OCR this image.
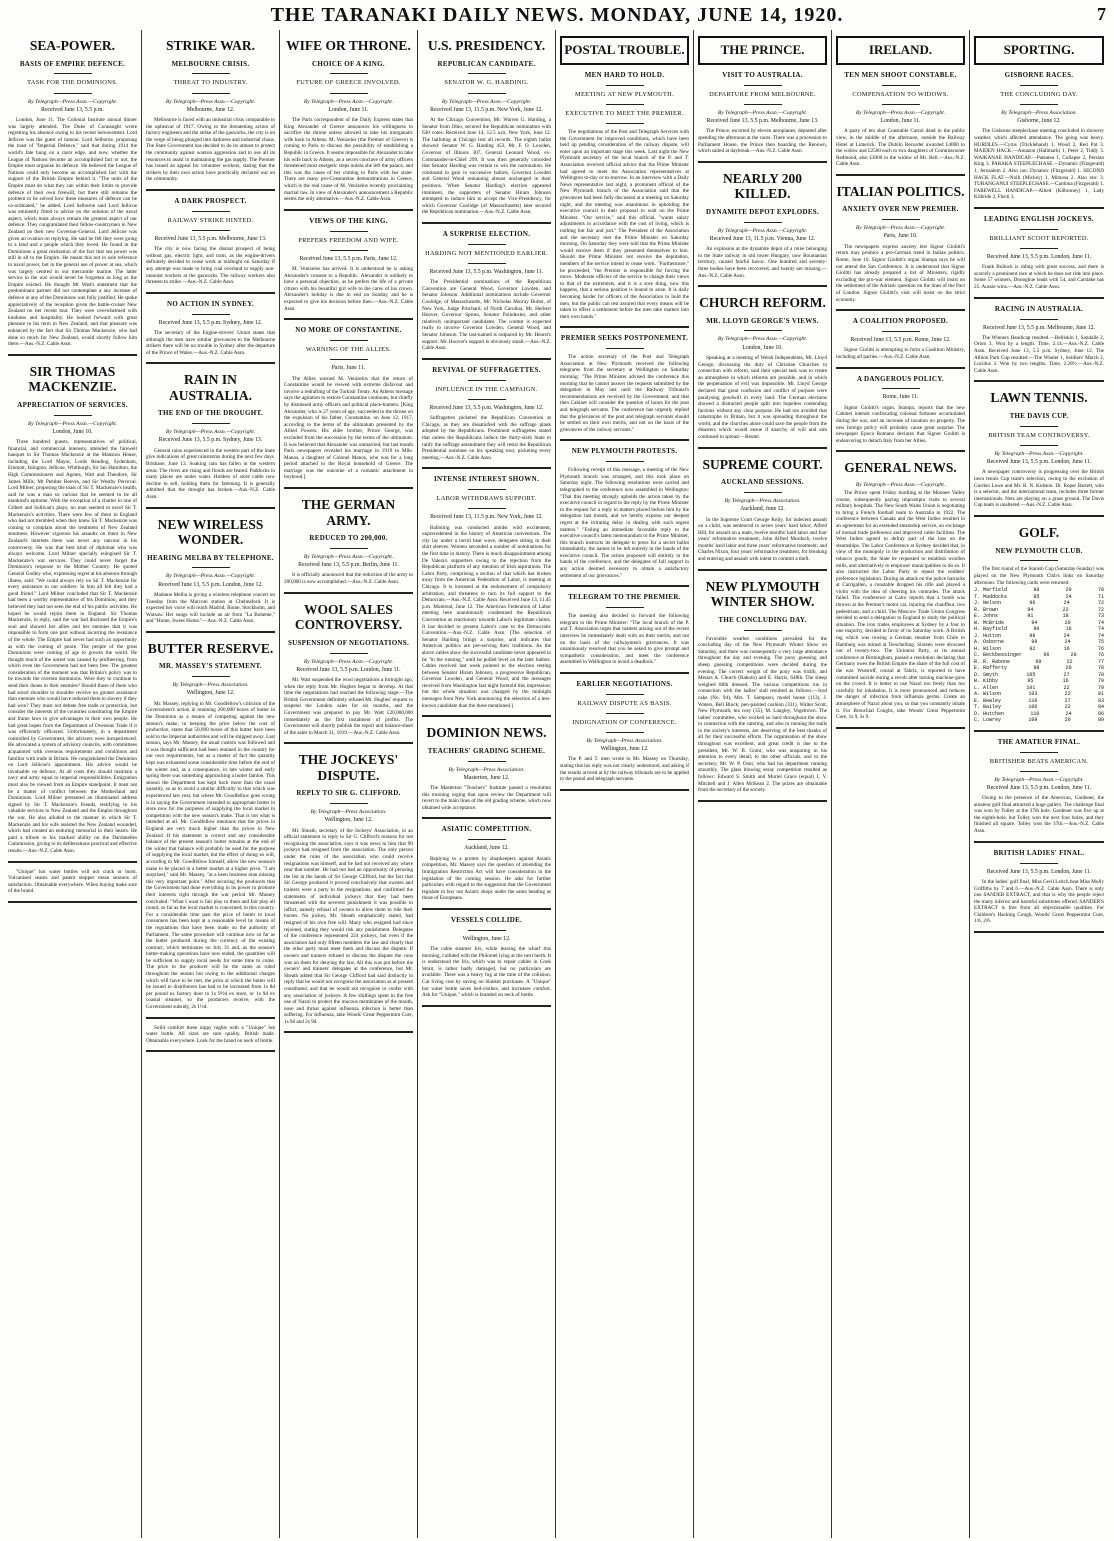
THE TARANAKI DAILY NEWS. MONDAY, JUNE 14, 1920.	7
SEA-POWER.
BASIS OF EMPIRE DEFENCE.
TASK FOR THE DOMINIONS.
By Telegraph—Press Assn.—Copyright.
Received June 13, 5.5 p.m.
London, June 11. The Colonial Institute annual dinner was largely attended. The Duke of Connaught wrote regretting his absence owing to his recent bereavement. Lord Jellicoe was the guest of honour. Lord Selborne, proposing the toast of "Imperial Defence," said that during 1914 the world's fate hung on a razor edge, and now, whether the League of Nations become an accomplished fact or not, the Empire must organise its defence. He believed the League of Nations could only become an accomplished fact with the support of the British Empire behind it. "The units of the Empire must do what they can within their limits to provide defence of their own freewill, but there still remains the problem to be solved how these measures of defence can be co-ordinated," he added. Lord Selborne said Lord Jellicoe was eminently fitted to advise on the solution of the naval aspect, which must always remain the greatest aspect of our defence. They congratulated their fellow-countrymen in New Zealand on their new Governor-General. Lord Jellicoe was given an ovation on replying. He said he felt they were going to a land and a people which they loved. He found in the Dominions a great realisation of the fact that sea power was still in all to the Empire. He meant this not in sole reference to naval power, but in the general use of power at sea, which was largely centred in our mercantile marine. The latter service in the war would never be forgotten as long as the Empire existed. He thought Mr Watt's statement that the predominant partner did not contemplate a any increase of defence in any of the Dominions was fully justified. He spoke appreciatively of the reception given the battle-cruiser New Zealand on her recent tour. They were overwhelmed with kindness and hospitality. He looked forward with great pleasure to his term in New Zealand, and that pleasure was enhanced by the fact that Sir Thomas Mackenzie, who had done so much for New Zealand, would shortly follow him there.—Aus.-N.Z. Cable Assn.
SIR THOMAS MACKENZIE.
APPRECIATION OF SERVICES.
By Telegraph—Press Assn.—Copyright.
London, June 10.
Three hundred guests, representatives of political, financial, and commercial interests, attended the farewell banquet to Sir Thomas Mackenzie at the Mansion House, including the Lord Mayor, Lords Reading, Sydenham, Emmott, Islington, Jellicoe, Whitburgh, Sir Ian Hamilton, the High Commissioners and Agents, Watt and Theodore, Sir James Mills, Mr Pember Reeves, and Sir Westby Perceval. Lord Milner, proposing the toast of Sir T. Mackenzie's health, said he was a man so various that he seemed to be all mankind's epitome. With the exception of a charter in one of Gilbert and Sullivan's plays, no man seemed to excel Sir T. Mackenzie's activities. There were few of them in England who had not trembled when they knew Sir T. Mackenzie was coming to complain about the treatment of New Zealand stoutness. However vigorous his assaults on them in New Zealand's interests there was never any rancour in his controversy. He was that best kind of diplomat who was always welcome. Lord Milner specially eulogised Sir T. Mackenzie's war services. They could never forget the Dominion's response to the Mother Country. He quoted General Godley who, expressing regret at his absence through illness, said: "We could always rely on Sir T. Mackenzie for every assistance to our soldiers. In him all felt they had a good friend." Lord Milner concluded that Sir T. Mackenzie had been a worthy representative of his Dominion, and they believed they had not seen the end of his public activities. He hoped he would rejoin them in England. Sir Thomas Mackenzie, in reply, said the war had disclosed the Empire's soul and showed her allies and her enemies that it was impossible to form one part without incurring the resistance of the whole. The Empire had never had such an opportunity as with the coming of peace. The people of the great Dominions were coming of age to govern the world. He thought much of the unrest was caused by profiteering, from which even the Government had not been free. The greatest consideration of the moment was that Britain's policy was to be towards the oversea dominions. Were they to continue to send their dones to their enemies? Should those of them who had stood shoulder to shoulder receive no greater assistance than enemies who would have reduced them to slavery if they had won? They must not debate free trade or protection, but consider the interests of the countries constituting the Empire and frame laws to give advantages to their own people. He had great hopes from the Department of Overseas Trade if it was efficiently officered. Unfortunately, in a department controlled by Government, the advisers were inexperienced. He advocated a system of advisory councils, with committees acquainted with overseas requirements and conditions and familiar with trade in Britain. He congratulated the Dominion on Lord Jellicoe's appointment. His advice would be invaluable on defence. At all costs they should maintain a navy and army equal to imperial responsibilities. Emigration must also be viewed from an Empire standpoint. It must not be a matter of conflict between the Motherland and Dominions. Lord Milner presented an illuminated address signed by Sir T. Mackenzie's friends, testifying to his valuable services to New Zealand and the Empire throughout the war. He also alluded to the manner in which Sir T. Mackenzie and his wife assisted the New Zealand wounded, which had created an enduring memorial in their hearts. He paid a tribute to his marked ability on the Dardanelles Commission, giving to its deliberations practical and effective results.—Aus.-N.Z. Cable Assn.
"Unique" hot water bottles will not crack or burst. Vulcanised seams and patent stopper mean seasons of satisfaction. Obtainable everywhere. When buying make sure of the brand.
STRIKE WAR.
MELBOURNE CRISIS.
THREAT TO INDUSTRY.
By Telegraph—Press Assn.—Copyright.
Melbourne, June 12.
Melbourne is faced with an industrial crisis comparable to the upheaval of 1917. Owing to the threatening action of factory engineers and the strike of the gasworks, the city is on the verge of being plunged into darkness and industrial chaos. The State Government has decided to do its utmost to protect the community against wanton aggression and to use all its resources to assist in maintaining the gas supply. The Premier has issued an appeal for volunteer workers, stating that the strikers by their own action have practically declared war on the community.
A DARK PROSPECT.
RAILWAY STRIKE HINTED.
Received June 13, 5.5 p.m. Melbourne, June 13.
The city is now facing the dismal prospect of being without gas, electric light, and tram, as the engine-drivers definitely decided to cease work at midnight on Saturday if any attempt was made to bring coal overland to supply non-unionist workers at the gasworks. The railway workers also threaten to strike.—Aus.-N.Z. Cable Assn.
NO ACTION IN SYDNEY.
Received June 13, 5.5 p.m. Sydney, June 12.
The secretary of the Engine-drivers' Union states that although the men have similar grievances to the Melbourne strikers there will be no trouble in Sydney after the departure of the Prince of Wales.—Aus.-N.Z. Cable Assn.
RAIN IN AUSTRALIA.
THE END OF THE DROUGHT.
By Telegraph—Press Assn.—Copyright.
Received June 13, 5.5 p.m. Sydney, June 13.
General rains experienced in the western part of the State give indications of great rainstorms during the next few days. Brisbane, June 13. Soaking rain has fallen in the western areas. The rivers are rising and floods are feared. Paddocks in many places are under water. Holders of store cattle now decline to sell, holding them for fattening. It is generally admitted that the drought has broken.—Aus.-N.Z. Cable Assn.
NEW WIRELESS WONDER.
HEARING MELBA BY TELEPHONE.
By Telegraph—Press Assn.—Copyright.
Received June 13, 5.5 p.m. London, June 12.
Madame Melba is giving a wireless telephone concert on Tuesday from the Marconi station at Chelmsford. It is expected her voice will reach Madrid, Rome, Stockholm, and Warsaw. Her songs will include an air from "La Boheme," and "Home, Sweet Home."—Aus.-N.Z. Cable Assn.
BUTTER RESERVE.
MR. MASSEY'S STATEMENT.
By Telegraph—Press Association.
Wellington, June 12.
Mr. Massey, replying to Mr. Goodfellow's criticism of the Government's action in retaining 200,000 boxes of butter in the Dominion as a means of competing against the new season's make, in keeping the price below the cost of production, states that 50,000 boxes of this butter have been sold to the Imperial authorities and will be shipped away. Last season, says Mr. Massey, the usual custom was followed and it was thought sufficient had been retained in the country for our own requirements, but as a matter of fact the quantity kept was exhausted some considerable time before the end of the winter and, as a consequence, in late winter and early spring there was something approaching a butter famine. This season the Department has kept back more than the usual quantity, so as to avoid a similar difficulty to that which was experienced last year, but where Mr. Goodfellow goes wrong is in saying the Government intended to appropriate butter in store now for the purposes of supplying the local market in competition with the new season's make. That is not what is intended at all. Mr. Goodfellow mentions that the prices in England are very much higher than the prices in New Zealand. If his statement is correct and any considerable balance of the present season's butter remains at the end of the winter that balance will probably be used for the purpose of supplying the local market, but the effect of doing so will, according to Mr. Goodfellow himself, allow the new season's make to be placed in a better market at a higher price. "I am surprised," said Mr. Massey, "at a keen business man missing this very important point." After securing the producers that the Government had done everything in its power to promote their interests right through the war period Mr. Massey concluded: "What I want is fair play to them and fair play all round, so far as the local market is concerned, in this country. For a considerable time past the price of butter to local consumers has been kept at a reasonable level by means of the regulations that have been made on the authority of Parliament. The same procedure will continue now so far as the butter produced during the currency of the existing contract, which terminates on July 31 and, as the season's butter-making operations have now ended, the quantities will be sufficient to supply local needs for some time to come. The price to the producer will be the same as ruled throughout the season but owing to the additional charges which will have to be met, the price at which the butter will be issued to distributors has had to be increased from 1s 8d per pound ex factory door to 1s 9½d ex store, or 1s 9d ex coastal steamer, so the producers receive, with the Government subsidy, 2s 1½d.
Solid comfort these nippy nights with a "Unique" hot water bottle. All sizes are sure quality. British made. Obtainable everywhere. Look for the brand on neck of bottle.
WIFE OR THRONE.
CHOICE OF A KING.
FUTURE OF GREECE INVOLVED.
By Telegraph—Press Assn.—Copyright.
London, June 11.
The Paris correspondent of the Daily Express states that King Alexander of Greece announces his willingness to sacrifice the throne unless allowed to take his morganatic wife back to Athens. M. Venizelos (the Premier of Greece) is coming to Paris to discuss the possibility of establishing a Republic in Greece. It seems impossible for Alexander to take his wife back to Athens, as a secret conclave of army officers threatened most energetic steps unless she left the palace, and this was the cause of her coming to Paris with her sister. There are many pro-Constantine demonstrations in Greece, which is the real cause of M. Venizelos recently proclaiming martial law. In view of Alexander's announcement a Republic seems the only alternative.—Aus.-N.Z. Cable Assn.
VIEWS OF THE KING.
PREFERS FREEDOM AND WIFE.
Received June 13, 5.5 p.m. Paris, June 12.
M. Venizelos has arrived. It is understood he is asking Alexander's consent to a Republic. Alexander is unlikely to have a personal objection, as he prefers the life of a private citizen with his beautiful girl wife to the cares of his crown. Alexander's holiday is due to end on Sunday, and he is expected to give his decision before then.—Aus.-N.Z. Cable Assn.
NO MORE OF CONSTANTINE.
WARNING OF THE ALLIES.
Paris, June 11.
The Allies warned M. Venizelos that the return of Constantine would be viewed with extreme disfavour and involve a redrafting of the Turkish Treaty. An Athens message says the agitation to restore Constantine continues, but chiefly by dismissed army officers and political place-hunters. [King Alexander, who is 27 years of age, succeeded to the throne on the expulsion of his father, Constantine, on June 12, 1917, according to the terms of the ultimatum presented by the Allied Powers. His elder brother, Prince George, was excluded from the succession by the terms of the ultimatum. It was believed that Alexander was unmarried, but last month Paris newspapers revealed his marriage in 1919 to Mlle. Manos, a daughter of Colonel Manos, who was for a long period attached to the Royal household of Greece. The marriage was the outcome of a romantic attachment in boyhood.]
THE GERMAN ARMY.
REDUCED TO 200,000.
By Telegraph—Press Assn.—Copyright.
Received June 13, 5.5 p.m. Berlin, June 11.
It is officially announced that the reduction of the army to 200,000 is now accomplished.—Aus.-N.Z. Cable Assn.
WOOL SALES CONTROVERSY.
SUSPENSION OF NEGOTIATIONS.
By Telegraph—Press Assn.—Copyright.
Received June 13, 5.5 p.m. London, June 11.
Mr. Watt suspended the wool negotiations a fortnight ago, when the reply from Mr. Hughes began to develop. At that time the negotiations had reached the following stage:—The British Government definitely refused Mr. Hughes' request to suspend the London sales for six months, and the Government was prepared to pay Mr. Watt £20,000,000 immediately as the first instalment of profits. The Government will shortly publish the report and balance-sheet of the sales to March 31, 1919.—Aus.-N.Z. Cable Assn.
THE JOCKEYS' DISPUTE.
REPLY TO SIR G. CLIFFORD.
By Telegraph—Press Association.
Wellington, June 12.
Mr. Sheath, secretary of the Jockeys' Association, in an official statement in reply to Sir G. Clifford's reasons for not recognising the association, says it was news to him that 90 jockeys had resigned from the association. The only person under the rules of the association who could receive resignations was himself, and he had not received any where near that number. He had not had an opportunity of perusing the list in the hands of Sir George Clifford, but the fact that Sir George produced it proved conclusively that owners and trainers were a party to the resignations, and confirmed the statements of individual jockeys that they had been threatened with the severest punishment it was possible to inflict, namely refusal of owners to allow them to ride their horses. No jockey, Mr. Sheath emphatically stated, had resigned of his own free will. Many who resigned had since rejoined, stating they would risk any punishment. Delegates of the conference represented 224 jockeys, but even if the association had only fifteen members the law and clearly that the other party must meet them and discuss the dispute. If owners and trainers refused to discuss the dispute the cons was on them for denying the law. All this was put before the owners' and trainers' delegates at the conference, but Mr. Sheath added that Sir George Clifford had said distinctly in reply that he would not recognise the association as at present constituted, and that he would not recognise or confer with any association of jockeys. A few shillings spent in the free use of Nazol to protect the mucous membranes of the mouth, nose and throat against influenza infection is better than suffering. For Influenza, take Woods' Great Peppermint Cure, 1s 9d and 2s 9d.
U.S. PRESIDENCY.
REPUBLICAN CANDIDATE.
SENATOR W. G. HARDING.
By Telegraph—Press Assn.—Copyright.
Received June 13, 11.5 p.m. New York, June 12.
At the Chicago Convention, Mr. Warren G. Harding, a Senator from Ohio, secured the Republican nomination with 630 votes. Received June 14, 12.5 a.m. New York, June 12. The balloting at Chicago lost all records. The eighth ballot showed: Senator W. G. Harding 453, Mr. F. O. Lowden, Governor of Illinois 307, General Leonard Wood, ex-Commander-in-Chief 299. It was then generally conceded that Senator Harding was certain to win the nomination. He continued to gain in successive ballots, Governor Lowden and General Wood remaining almost unchanged in their positions. When Senator Harding's election appeared imminent, the supporters of Senator Hiram Johnson attempted to induce him to accept the Vice-Presidency, for which Governor Coolidge (of Massachusetts) later secured the Republican nomination.—Aus.-N.Z. Cable Assn.
A SURPRISE ELECTION.
HARDING NOT MENTIONED EARLIER.
Received June 13, 5.5 p.m. Washington, June 11.
The Presidential nominations of the Republican Convention are General Wood, Governor Lowden, and Senator Johnson. Additional nominations include Governor Coolidge, of Massachusetts, Mr. Nicholas Murray Butler, of New York, Judge Pritchard, of North Carolina, Mr. Herbert Hoover, Governor Sprout, Senator Poindexter, and other relatively unimportant candidates. The contest is expected really to involve Governor Lowden, General Wood, and Senator Johnson. The last-named is outpaced by Mr. Hearst's support. Mr. Hoover's support is obviously small.—Aus.-N.Z. Cable Assn.
REVIVAL OF SUFFRAGETTES.
INFLUENCE IN THE CAMPAIGN.
Received June 13, 5.5 p.m. Washington, June 12.
Suffragettes picketed the Republican Convention at Chicago, as they are dissatisfied with the suffrage plank adopted by the Republicans. Prominent suffragettes stated that unless the Republicans induce the thirty-sixth State to ratify the suffrage amendment they will resist the Republican Presidential nominee on his speaking tour, picketing every meeting.—Aus.-N.Z. Cable Assn.
INTENSE INTEREST SHOWN.
LABOR WITHDRAWS SUPPORT.
Received June 13, 11.5 p.m. New York, June 12.
Balloting was conducted amidst wild excitement, unprecedented in the history of American conventions. The city lay under a torrid heat wave, delegates sitting in their shirt sleeves. Women seconded a number of nominations for the first time in history. There is much disappointment among De Valera's supporters owing to the rejection from the Republican platform of any mention of Irish aspirations. The Labor Party, comprising a section of that which has broken away from the American Federation of Labor, is meeting at Chicago. It is incensed at the endorsement of compulsory arbitration, and threatens to turn its full support to the Democrats.—Aus.-N.Z. Cable Assn. Received June 13, 11.45 p.m. Montreal, June 12. The American Federation of Labor meeting here unanimously condemned the Republican Convention as reactionary towards Labor's legitimate claims. It has decided to present Labor's case to the Democratic Convention.—Aus.-N.Z. Cable Assn. [The selection of Senator Harding brings a surprise, and indicates that American politics are pre-serving their traditions. As the above cables show the successful candidate never appeared to be "in the running," until he pulled level on the later ballots. Cables received last week pointed to the election resting between Senator Hiram Johnson, a progressive Republican, Governor Lowden, and General Wood, and the messages received from Washington last night foretold this impression; but the whole situation was changed by the midnight messages from New York announcing the selection of a less-known candidate than the three mentioned.]
DOMINION NEWS.
TEACHERS' GRADING SCHEME.
By Telegraph—Press Association.
Masterton, June 12.
The Masterton "Teachers" Institute passed a resolution this morning urging that upon review the Department will revert to the main lines of the old grading scheme, which now obtained wide acceptance.
ASIATIC COMPETITION.
Auckland, June 12.
Replying to a protest by shopkeepers against Asiatic competition, Mr. Massey says the question of amending the Immigration Restriction Act will have consideration in the legislation of the coming session. He asks for further particulars with regard to the suggestion that the Government legislate to buy out Asiatic shops under the same heading as those of Europeans.
VESSELS COLLIDE.
Wellington, June 12.
The cable steamer Iris, while leaving the wharf this morning, collided with the Philomel lying at the next berth. It is understood the Iris, which was to repair cables in Cook Strait, is rather badly damaged, but no particulars are available. There was a heavy fog at the time of the collision. Cut living cost by saving on blanket purchases. A "Unique" hot water bottle saves bed-clothes, and increases comfort. Ask for "Unique," which is branded on neck of bottle.
POSTAL TROUBLE.
MEN HARD TO HOLD.
MEETING AT NEW PLYMOUTH.
EXECUTIVE TO MEET THE PREMIER.
The negotiations of the Post and Telegraph Services with the Government for improved conditions, which have been held up pending consideration of the railway dispute, will enter upon an important stage this week. Last night the New Plymouth secretary of the local branch of the P. and T. Association received official advice that the Prime Minister had agreed to meet the Association representatives at Wellington to-day or to-morrow. In an interview with a Daily News representative last night, a prominent official of the New Plymouth branch of the Association said that the grievances had been fully discussed at a meeting on Saturday night, and the meeting was unanimous in upholding the executive council in their proposal to wait on the Prime Minister. "Our service," said this official, "wants salary adjustments in accordance with the cost of living, which is nothing but fair and just." The President of the Association and the secretary met the Prime Minister on Saturday morning. On Saturday they were told that the Prime Minister would receive them if they presented themselves to him. Should the Prime Minister not receive the deputation, members of the service intend to cease work. "Furthermore," he proceeded, "the Premier is responsible for forcing the move. Moderate officers of the service to change their views to that of the extremists, and it is a sore thing, now this happens, that a serious position is bound to arise. It is daily becoming harder for officers of the Association to hold the men, but the public can rest assured that every means will be taken to effect a settlement before the men take matters into their own hands."
PREMIER SEEKS POSTPONEMENT.
The action secretary of the Post and Telegraph Association at New Plymouth received the following telegrams from the secretary at Wellington on Saturday morning: "The Prime Minister advised the conference this morning that he cannot answer the requests submitted by the delegation in May last until the Railway Tribunal's recommendations are received by the Government, and that then Cabinet will consider the question of hours for the post and telegraph servants. The conference has urgently replied that the grievances of the post and telegraph servants should be settled on their own merits, and not on the basis of the grievances of the railway servants."
NEW PLYMOUTH PROTESTS.
Following receipt of this message, a meeting of the New Plymouth branch was arranged, and this took place on Saturday night. The following resolutions were carried and telegraphed to the conference now assembled in Wellington: "That this meeting strongly upholds the action taken by the executive council in regard to the reply by the Prime Minister to the request for a reply to matters placed before him by the delegation last month, and we hereby express our deepest regret at the irritating delay in dealing with such urgent matters." "Failing an immediate favorable reply to the executive council's latest memorandum to the Prime Minister, this branch instructs its delegate to press for a secret ballot immediately, the names to be left entirely in the hands of the executive council. The action proposed will entirely in the hands of the conference, and the delegates of full support in any action deemed necessary to obtain a satisfactory settlement of our grievances."
TELEGRAM TO THE PREMIER.
The meeting also decided to forward the following telegram to the Prime Minister: "The local branch of the P. and T. Association urges that matters arising out of the recent interview be immediately dealt with on their merits, and not on the basis of the railwaymen's grievances. It was unanimously resolved that you be asked to give prompt and sympathetic consideration, and meet the conference assembled in Wellington to avoid a deadlock."
EARLIER NEGOTIATIONS.
RAILWAY DISPUTE AS BASIS.
INDIGNATION OF CONFERENCE.
By Telegraph—Press Association.
Wellington, June 12.
The P. and T. men wrote to Mr. Massey on Thursday, stating that his reply was not clearly understood, and asking if the results arrived at by the railway tribunals are to be applied to the postal and telegraph servants.
THE PRINCE.
VISIT TO AUSTRALIA.
DEPARTURE FROM MELBOURNE.
By Telegraph—Press Assn.—Copyright.
Received June 13, 5.5 p.m. Melbourne, June 13.
The Prince, escorted by eleven aeroplanes, departed after spending the afternoon at the races. There was a procession to Parliament House, the Prince then boarding the Renown, which sailed at daybreak.—Aus.-N.Z. Cable Assn.
NEARLY 200 KILLED.
DYNAMITE DEPOT EXPLODES.
By Telegraph—Press Assn.—Copyright.
Received June 13, 11.5 p.m. Vienna, June 12.
An explosion at the dynamite depot of a mine belonging to the State railway in old lower Hungary, now Roumanian territory, caused fearful havoc. One hundred and seventy-three bodies have been recovered, and twenty are missing.—Aus.-N.Z. Cable Assn.
CHURCH REFORM.
MR. LLOYD GEORGE'S VIEWS.
By Telegraph—Press Assn.—Copyright.
London, June 10.
Speaking at a meeting of Welsh Independents, Mr. Lloyd George, discussing the duty of Christian Churches in connection with reform, said their special task was to create an atmosphere in which reforms are possible, and in which the perpetuation of evil was impossible. Mr. Lloyd George declared that great confusion and conflict of purpose were paralysing goodwill in every land. The German elections showed a distracted people split into hopeless contending factions without any clear purpose. He had not avoided that catastrophe in Britain, but it was spreading throughout the world, and the churches alone could save the people from the disasters which would ensue if anarchy of will and aim continued to spread.—Reuter.
SUPREME COURT.
AUCKLAND SESSIONS.
By Telegraph—Press Association.
Auckland, June 12.
In the Supreme Court George Kelly, for indecent assault on a child, was sentenced to seven years' hard labor; Alfred Hill, for assault on a male, twelve months' hard labor and four years' reformative treatment; John Alfred Murdoch, twelve months' hard labor and three years' reformative treatment; and Charles Nixon, four years' reformative treatment, for breaking and entering and assault with intent to commit a theft.
NEW PLYMOUTH WINTER SHOW.
THE CONCLUDING DAY.
Favorable weather conditions prevailed for the concluding day of the New Plymouth Winter Show on Saturday, and there was consequently a very large attendance throughout the day and evening. The pony guessing and sheep guessing competitions were decided during the evening. The correct weight of the pony was 644lb, and Messrs A. Church (Rahotu) and E. Harris, 648lb. The sheep weighed 80lb dressed. The various competitions run in connection with the ladies' stall resulted as follows:—Iced cake (No. 94), Mrs. T. Sampson; model house (113), J. Waters, Bell Block; pen-painted cushion (331), Walter Scott, New Plymouth; tea cosy (35), M. Langley, Vogeltown. The ladies' committee, who worked so hard throughout the show in connection with the catering, and also in running the stalls in the society's interests, are deserving of the best thanks of all for their successful efforts. The organisation of the show throughout was excellent, and great credit is due to the president, Mr. W. B. Grant, who was unsparing in his attention to every detail; to the other officials, and to the secretary, Mr. W. P. Oxer, who had his department running smoothly. The glass blowing essay competition resulted as follows: Edward S. Smith and Muriel Grace (equal) 1, V. Mitchell and J. Allen McKean 2. The prizes are obtainable from the secretary of the society.
IRELAND.
TEN MEN SHOOT CONSTABLE.
COMPENSATION TO WIDOWS.
By Telegraph—Press Assn.—Copyright.
London, June 11.
A party of ten shot Constable Carrol dead in the public view, in the middle of the afternoon, outside the Railway Hotel at Limerick. The Dublin Recorder awarded £4000 to the widow and £2500 each to two daughters of Commissioner Redmond, also £3000 to the widow of Mr. Bell.—Aus.-N.Z. Cable Assn.
ITALIAN POLITICS.
ANXIETY OVER NEW PREMIER.
By Telegraph—Press Assn.—Copyright.
Paris, June 10.
The newspapers express anxiety lest Signor Giolitti's return may produce a pro-German trend in Italian politics. Rome, June 10. Signor Giolitti's organ Stampa says he will not attend the San Conference. It is understood that Signor Giolitti has already prepared a list of Ministers, rigidly excluding the pro-war element. Signor Giolitti will insist on the settlement of the Adriatic question on the lines of the Pact of London. Signor Giolitti's visit will insist on the strict economy.
A COALITION PROPOSED.
Received June 13, 5.5 p.m. Rome, June 12.
Signor Giolitti is attempting to form a Coalition Ministry, including all parties.—Aus.-N.Z. Cable Assn.
A DANGEROUS POLICY.
Rome, June 11.
Signor Giolitti's organ, Stampa, reports that the new Cabinet intends confiscating colossal fortunes accumulated during the war, and an increase of taxation on property. The new foreign policy will probably cause great surprise. The newspaper Epoca Romano declares that Signor Giolitti is endeavoring to detach Italy from her Allies.
GENERAL NEWS.
By Telegraph—Press Assn.—Copyright.
The Prince spent Friday hurdling at the Moonee Valley course, subsequently paying impromptu visits to several military hospitals. The New South Wales Union is negotiating to bring a French football team to Australia in 1922. The conference between Canada and the West Indies resulted in an agreement for an extended steamship service, an exchange of mutual trade preference and improved cable facilities. The West Indies agreed to defray part of the loss on the steamships. The Labor Conference at Sydney decided that, in view of the monopoly in the production and distribution of tobacco goods, the State be requested to establish woollen mills, and alternatively to empower municipalities to do so. It also instructed the Labor Party to repeal the soldiers' preference legislation. During an attack on the police barracks at Carrigallen, a constable dropped his rifle and played a violin with the idea of cheering his comrades. The attack failed. The conference at Cairo reports that a bomb was thrown at the Premier's motor car, injuring the chauffeur, two pedestrians, and a child. The Moscow Trade Union Congress decided to send a delegation to England to study the political situation. The iron trades employees at Sydney by a four to one majority, decided in favor of no Saturday work. A British tug which was towing a German steamer from Chile to Hamburg was mined at Terschelling. Sixteen were drowned out of twenty-two. The Unionist Party, at its annual conference at Birmingham, passed a resolution declaring that Germany owes the British Empire the share of the full cost of the war. Wustroff, consul at Tabriz, is reported to have committed suicide during a revolt after turning machine-guns on the crowd. It is better to use Nazol too freely than too carefully for inhalation. It is more pronounced and reduces the danger of infection from influenza germs. Create an atmosphere of Nazol about you, so that you constantly inhale it. For Bronchial Coughs, take Woods' Great Peppermint Cure, 1s 9, 2s 9.
SPORTING.
GISBORNE RACES.
THE CONCLUDING DAY.
By Telegraph—Press Association.
Gisborne, June 12.
The Gisborne steeplechase meeting concluded in showery weather, which affected attendance. The going was heavy. HURDLES.—Cyrus (Trickleband) 1, Wood 2, Red Pat 3. MAIDEN HACK.—Amazon (Hallmark) 1, Peter 2, Tiddy 3. WAIKANAE HANDICAP.—Pateatea 1, Collapse 2, Persian King 3. PARAKA STEEPLECHASE.—Dynamic (Fitzgerald) 1, Jerusalem 2. Also ran: Dynamic (Fitzgerald) 1. SECOND HACK FLAT.—Nolli (Mickey) 1, Mimosa 2. Also ran: 3. TURANGANUI STEEPLECHASE.—Cardona (Fitzgerald) 1. FAREWELL HANDICAP.—Allied (Kilbroney) 1, Lady Kilbride 2, Flecti 3.
LEADING ENGLISH JOCKEYS.
BRILLIANT SCOOT REPORTED.
Received June 13, 5.5 p.m. London, June 11.
Frank Bullock is riding with great success, and there is scarcely a prominent race at which he does not ride into place. Some 57 winners, Donoghue leads with 54, and Carslake has 25. Aussie wins.—Aus.-N.Z. Cable Assn.
RACING IN AUSTRALIA.
Received June 13, 5.5 p.m. Melbourne, June 12.
The Winners Handicap resulted.—Belliskin 1, Sandalle 2, Orion 3. Won by a length. Time, 2.14.—Aus.-N.Z. Cable Assn. Received June 13, 5.5 p.m. Sydney, June 12. The Albion Park Cup resulted.—The Whaler 1, Soldiers' March 2, Lucidus 3. Won by two lengths. Time, 2.28½.—Aus.-N.Z. Cable Assn.
LAWN TENNIS.
THE DAVIS CUP.
BRITISH TEAM CONTROVERSY.
By Telegraph—Press Assn.—Copyright.
Received June 13, 5.5 p.m. London, June 11.
A newspaper controversy is progressing over the British lawn tennis Cup team's selection, owing to the exclusion of Gordon Lowe and Mr. R. N. Kidston. Dr. Roper Barrett, who is a selector, and the international team, includes three former internationals. Nets are playing on a grass ground. The Davis Cup team is unaltered.—Aus.-N.Z. Cable Assn.
GOLF.
NEW PLYMOUTH CLUB.
The first round of the Stanish Cup (Saturday-Sunday) was played on the New Plymouth Club's links on Saturday afternoon. The following cards were returned:
J. Marfield	88	20	78
T. Maddocks	95	24	71
J. Nelson	96	24	72
R. Brown	94	22	72
E. Johns	91	18	73
W. McBride	94	20	74
H. Bayfield	90	16	74
J. Hutton	98	24	74
A. Osborne	99	24	75
H. Wilson	92	16	76
C. Beckbessinger	96	20	76
R. R. Rabone	99	22	77
E. Rafferty	98	20	78
D. Smyth	105	27	78
W. Kibby	95	16	79
L. Allen	101	22	79
A. Wilson	103	22	81
E. Bewley	110	27	83
T. Bailey	106	22	84
D. Hutchen	110	24	86
C. Lowrey	109	20	89
THE AMATEUR FINAL.
BRITISHER BEATS AMERICAN.
By Telegraph—Press Assn.—Copyright.
Received June 13, 5.5 p.m. London, June 11.
Owing to the presence of the American, Gardener, the amateur golf final attracted a huge gallery. The challenge final was won by Tolley at the 37th hole. Gardener was five up at the eighth-hole, but Tolley won the next four holes, and they finished all square. Tolley won the 37th.—Aus.-N.Z. Cable Assn.
BRITISH LADIES' FINAL.
Received June 13, 5.5 p.m. London, June 11.
In the ladies' golf final, Miss Cecil Leitch beat Miss Molly Griffiths by 7 and 6.—Aus.-N.Z. Cable Assn. There is only one SANDER EXTRACT, and that is why the people reject the many inferior and harmful substitutes offered. SANDER'S EXTRACT is free from all objectionable qualities. For Children's Hacking Cough, Woods' Great Peppermint Cure, 1/6, 2/6.
